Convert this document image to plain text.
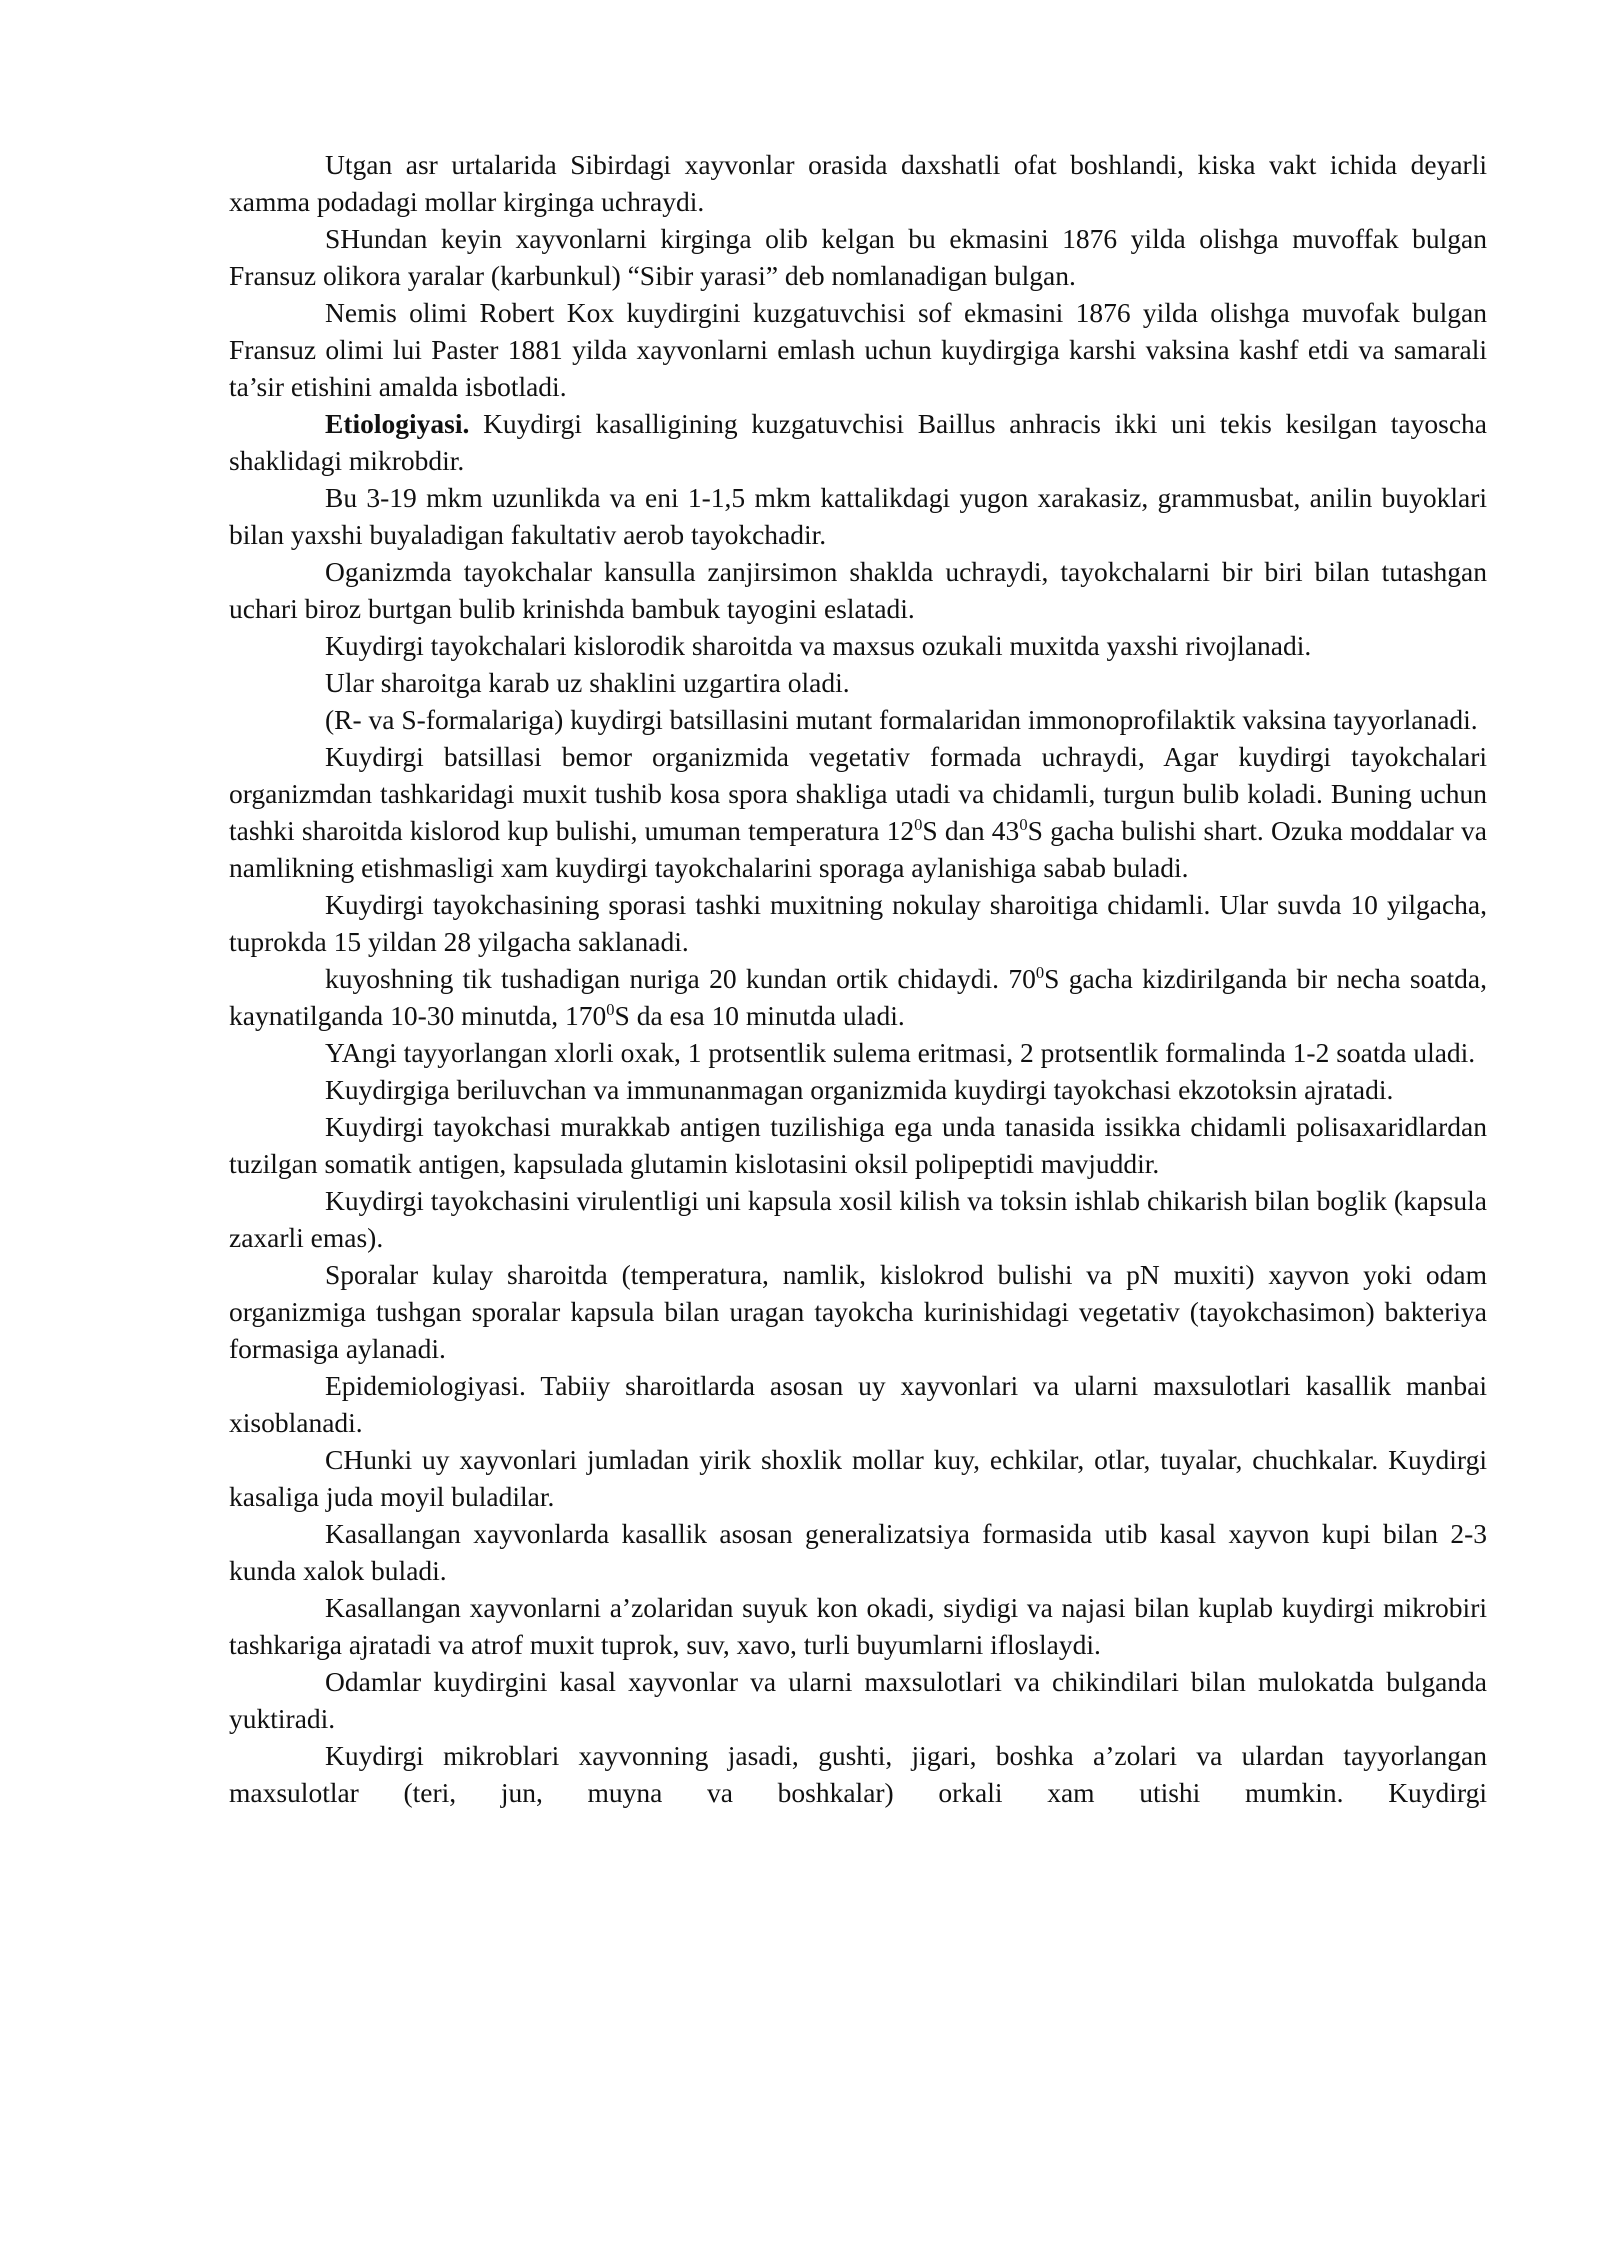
Utgan asr urtalarida Sibirdagi xayvonlar orasida daxshatli ofat boshlandi, kiska vakt ichida deyarli xamma podadagi mollar kirginga uchraydi.

SHundan keyin xayvonlarni kirginga olib kelgan bu ekmasini 1876 yilda olishga muvoffak bulgan Fransuz olikora yaralar (karbunkul) “Sibir yarasi” deb nomlanadigan bulgan.

Nemis olimi Robert Kox kuydirgini kuzgatuvchisi sof ekmasini 1876 yilda olishga muvofak bulgan Fransuz olimi lui Paster 1881 yilda xayvonlarni emlash uchun kuydirgiga karshi vaksina kashf etdi va samarali ta’sir etishini amalda isbotladi.

Etiologiyasi. Kuydirgi kasalligining kuzgatuvchisi Baillus anhracis ikki uni tekis kesilgan tayoscha shaklidagi mikrobdir.

Bu 3-19 mkm uzunlikda va eni 1-1,5 mkm kattalikdagi yugon xarakasiz, grammusbat, anilin buyoklari bilan yaxshi buyaladigan fakultativ aerob tayokchadir.

Oganizmda tayokchalar kansulla zanjirsimon shaklda uchraydi, tayokchalarni bir biri bilan tutashgan uchari biroz burtgan bulib krinishda bambuk tayogini eslatadi.

Kuydirgi tayokchalari kislorodik sharoitda va maxsus ozukali muxitda yaxshi rivojlanadi.

Ular sharoitga karab uz shaklini uzgartira oladi.

(R- va S-formalariga) kuydirgi batsillasini mutant formalaridan immonoprofilaktik vaksina tayyorlanadi.

Kuydirgi batsillasi bemor organizmida vegetativ formada uchraydi, Agar kuydirgi tayokchalari organizmdan tashkaridagi muxit tushib kosa spora shakliga utadi va chidamli, turgun bulib koladi. Buning uchun tashki sharoitda kislorod kup bulishi, umuman temperatura $12^0S$ dan $43^0S$ gacha bulishi shart. Ozuka moddalar va namlikning etishmasligi xam kuydirgi tayokchalarini sporaga aylanishiga sabab buladi.

Kuydirgi tayokchasining sporasi tashki muxitning nokulay sharoitiga chidamli. Ular suvda 10 yilgacha, tuprokda 15 yildan 28 yilgacha saklanadi.

kuyoshning tik tushadigan nuriga 20 kundan ortik chidaydi. $70^0S$ gacha kizdirilganda bir necha soatda, kaynatilganda 10-30 minutda, $170^0S$ da esa 10 minutda uladi.

YAngi tayyorlangan xlorli oxak, 1 protsentlik sulema eritmasi, 2 protsentlik formalinda 1-2 soatda uladi.

Kuydirgiga beriluvchan va immunanmagan organizmida kuydirgi tayokchasi ekzotoksin ajratadi.

Kuydirgi tayokchasi murakkab antigen tuzilishiga ega unda tanasida issikka chidamli polisaxaridlardan tuzilgan somatik antigen, kapsulada glutamin kislotasini oksil polipeptidi mavjuddir.

Kuydirgi tayokchasini virulentligi uni kapsula xosil kilish va toksin ishlab chikarish bilan boglik (kapsula zaxarli emas).

Sporalar kulay sharoitda (temperatura, namlik, kislokrod bulishi va pN muxiti) xayvon yoki odam organizmiga tushgan sporalar kapsula bilan uragan tayokcha kurinishidagi vegetativ (tayokchasimon) bakteriya formasiga aylanadi.

Epidemiologiyasi. Tabiiy sharoitlarda asosan uy xayvonlari va ularni maxsulotlari kasallik manbai xisoblanadi.

CHunki uy xayvonlari jumladan yirik shoxlik mollar kuy, echkilar, otlar, tuyalar, chuchkalar. Kuydirgi kasaliga juda moyil buladilar.

Kasallangan xayvonlarda kasallik asosan generalizatsiya formasida utib kasal xayvon kupi bilan 2-3 kunda xalok buladi.

Kasallangan xayvonlarni a’zolaridan suyuk kon okadi, siydigi va najasi bilan kuplab kuydirgi mikrobiri tashkariga ajratadi va atrof muxit tuprok, suv, xavo, turli buyumlarni ifloslaydi.

Odamlar kuydirgini kasal xayvonlar va ularni maxsulotlari va chikindilari bilan mulokatda bulganda yuktiradi.

Kuydirgi mikroblari xayvonning jasadi, gushti, jigari, boshka a’zolari va ulardan tayyorlangan maxsulotlar (teri, jun, muyna va boshkalar) orkali xam utishi mumkin. Kuydirgi
